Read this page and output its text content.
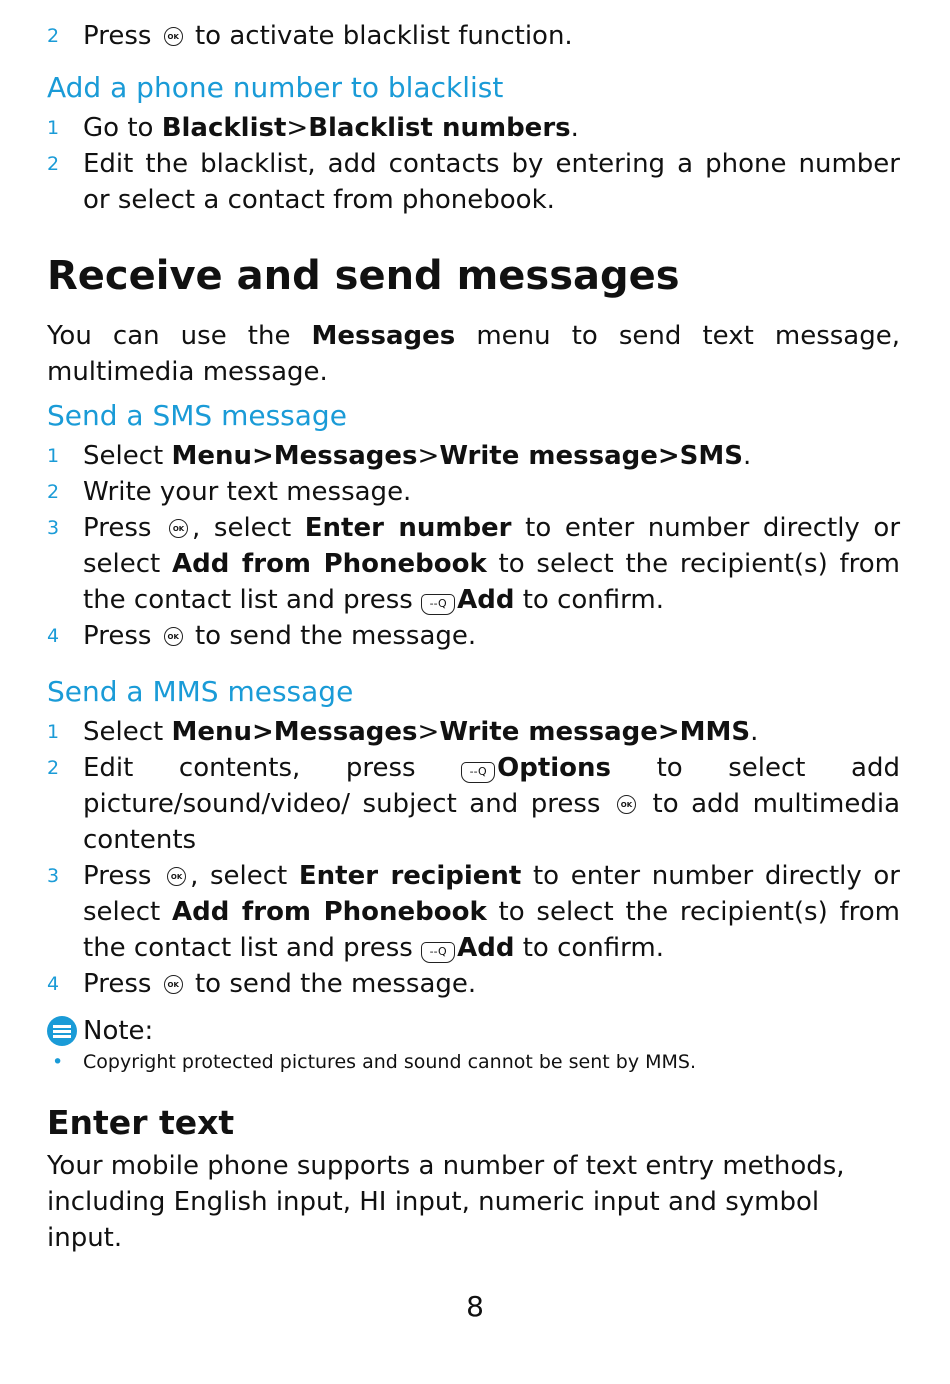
2 Press OK to activate blacklist function.
Add a phone number to blacklist
1 Go to Blacklist>Blacklist numbers.
2 Edit the blacklist, add contacts by entering a phone number or select a contact from phonebook.
Receive and send messages

You can use the Messages menu to send text message, multimedia message.

Send a SMS message
1 Select Menu>Messages>Write message>SMS.
2 Write your text message.
3 Press	OK , select Enter number to enter number directly or select Add from Phonebook to select the recipient(s) from the contact list and press --Q Add to confirm.
4 Press OK to send the message.
Send a MMS message
1 Select Menu>Messages>Write message>MMS.
2 Edit contents, press --Q Options to select add picture/sound/video/ subject and press	OK to add multimedia contents
3 Press	OK , select Enter recipient to enter number directly or select Add from Phonebook to select the recipient(s) from the contact list and press --Q Add to confirm.
4 Press OK to send the message.
Note:
• Copyright protected pictures and sound cannot be sent by MMS.
Enter text

Your mobile phone supports a number of text entry methods, including English input, HI input, numeric input and symbol input.

8
